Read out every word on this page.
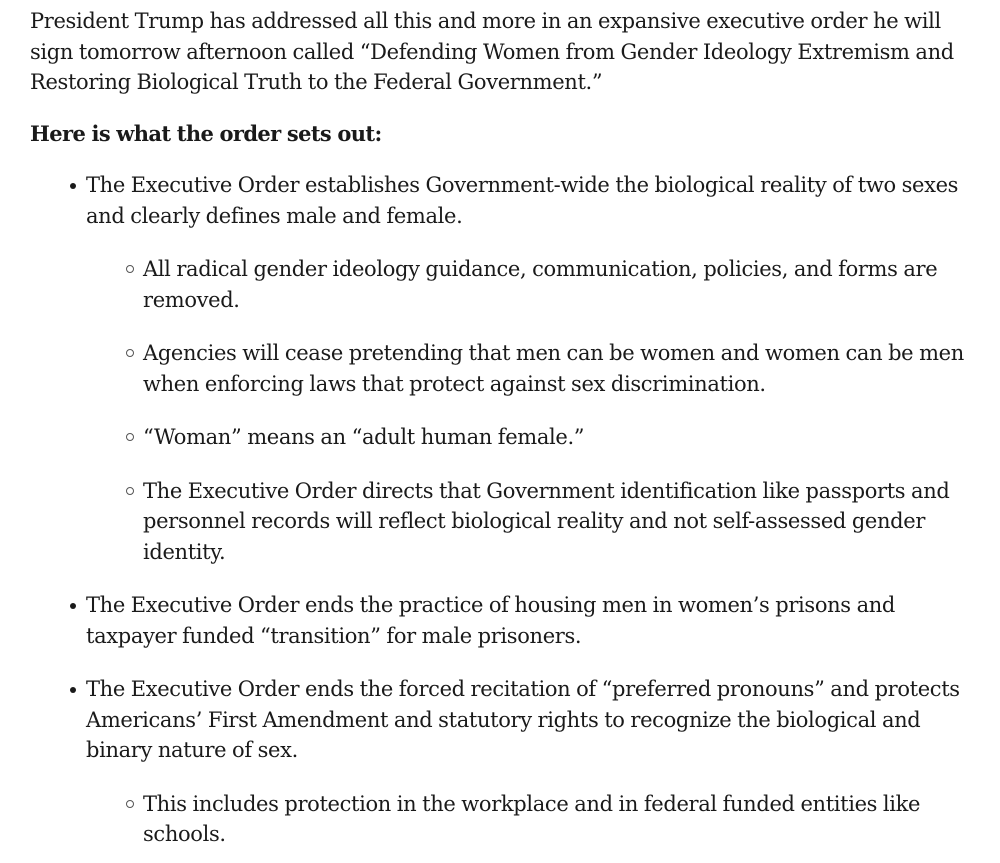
President Trump has addressed all this and more in an expansive executive order he will sign tomorrow afternoon called “Defending Women from Gender Ideology Extremism and Restoring Biological Truth to the Federal Government.”

Here is what the order sets out:

The Executive Order establishes Government-wide the biological reality of two sexes and clearly defines male and female.
All radical gender ideology guidance, communication, policies, and forms are removed.
Agencies will cease pretending that men can be women and women can be men when enforcing laws that protect against sex discrimination.
“Woman” means an “adult human female.”
The Executive Order directs that Government identification like passports and personnel records will reflect biological reality and not self-assessed gender identity.
The Executive Order ends the practice of housing men in women’s prisons and taxpayer funded “transition” for male prisoners.
The Executive Order ends the forced recitation of “preferred pronouns” and protects Americans’ First Amendment and statutory rights to recognize the biological and binary nature of sex.
This includes protection in the workplace and in federal funded entities like schools.
